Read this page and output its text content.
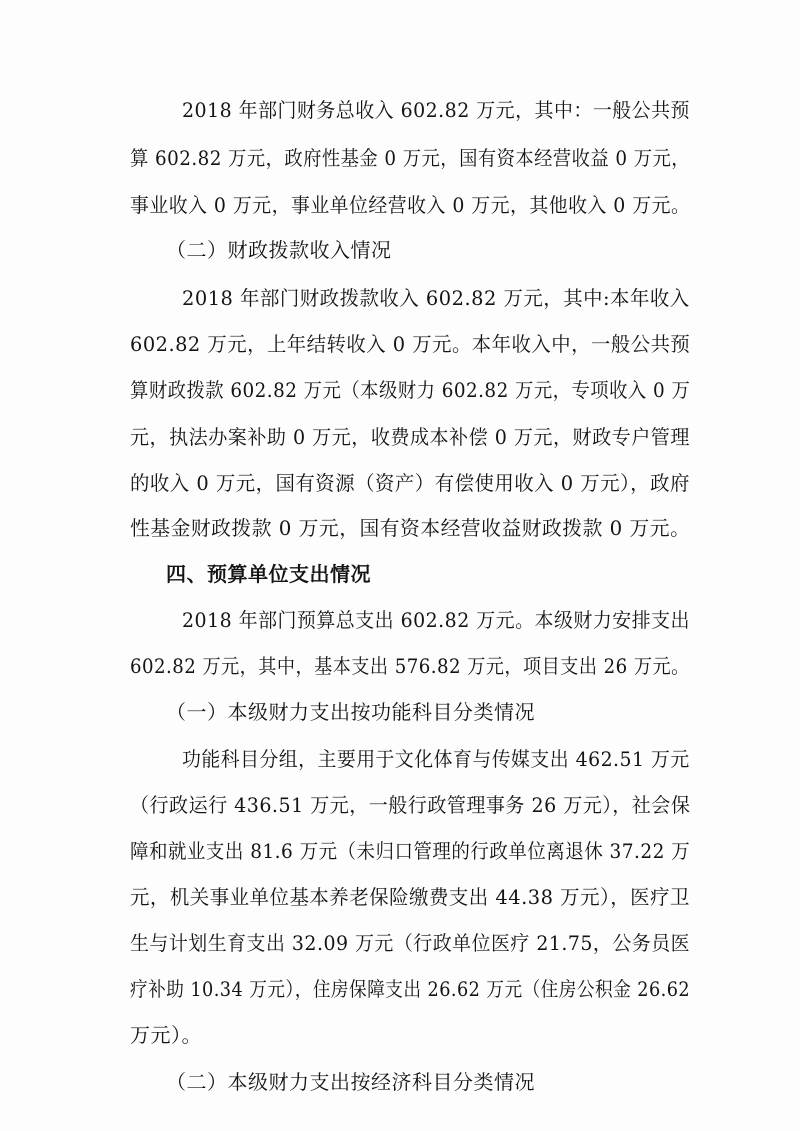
2018 年部门财务总收入 602.82 万元，其中：一般公共预
算 602.82 万元，政府性基金 0 万元，国有资本经营收益 0 万元，
事业收入 0 万元，事业单位经营收入 0 万元，其他收入 0 万元。
（二）财政拨款收入情况
2018 年部门财政拨款收入 602.82 万元，其中:本年收入
602.82 万元，上年结转收入 0 万元。本年收入中，一般公共预
算财政拨款 602.82 万元（本级财力 602.82 万元，专项收入 0 万
元，执法办案补助 0 万元，收费成本补偿 0 万元，财政专户管理
的收入 0 万元，国有资源（资产）有偿使用收入 0 万元），政府
性基金财政拨款 0 万元，国有资本经营收益财政拨款 0 万元。
四、预算单位支出情况
2018 年部门预算总支出 602.82 万元。本级财力安排支出
602.82 万元，其中，基本支出 576.82 万元，项目支出 26 万元。
（一）本级财力支出按功能科目分类情况
功能科目分组，主要用于文化体育与传媒支出 462.51 万元
（行政运行 436.51 万元，一般行政管理事务 26 万元），社会保
障和就业支出 81.6 万元（未归口管理的行政单位离退休 37.22 万
元，机关事业单位基本养老保险缴费支出 44.38 万元），医疗卫
生与计划生育支出 32.09 万元（行政单位医疗 21.75，公务员医
疗补助 10.34 万元），住房保障支出 26.62 万元（住房公积金 26.62
万元）。
（二）本级财力支出按经济科目分类情况
